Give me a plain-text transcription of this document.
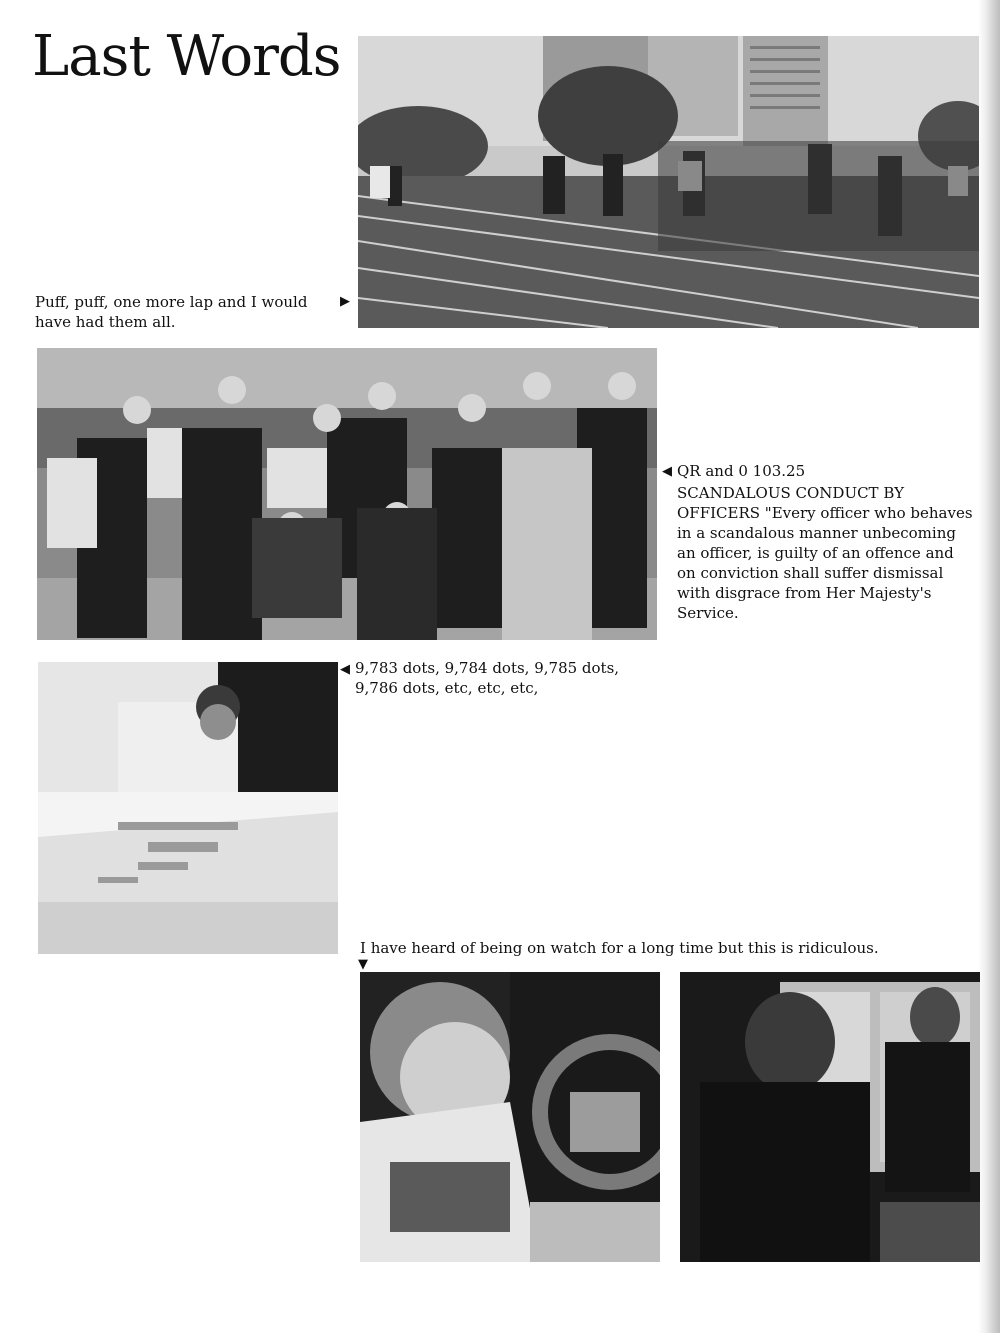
Last Words

Puff, puff, one more lap and I would have had them all.

▶
◀ QR and 0 103.25

SCANDALOUS CONDUCT BY OFFICERS "Every officer who behaves in a scandalous manner unbecoming an officer, is guilty of an offence and on conviction shall suffer dismissal with disgrace from Her Majesty's Service.

◀ 9,783 dots, 9,784 dots, 9,785 dots, 9,786 dots, etc, etc, etc,

I have heard of being on watch for a long time but this is ridiculous.

▼
